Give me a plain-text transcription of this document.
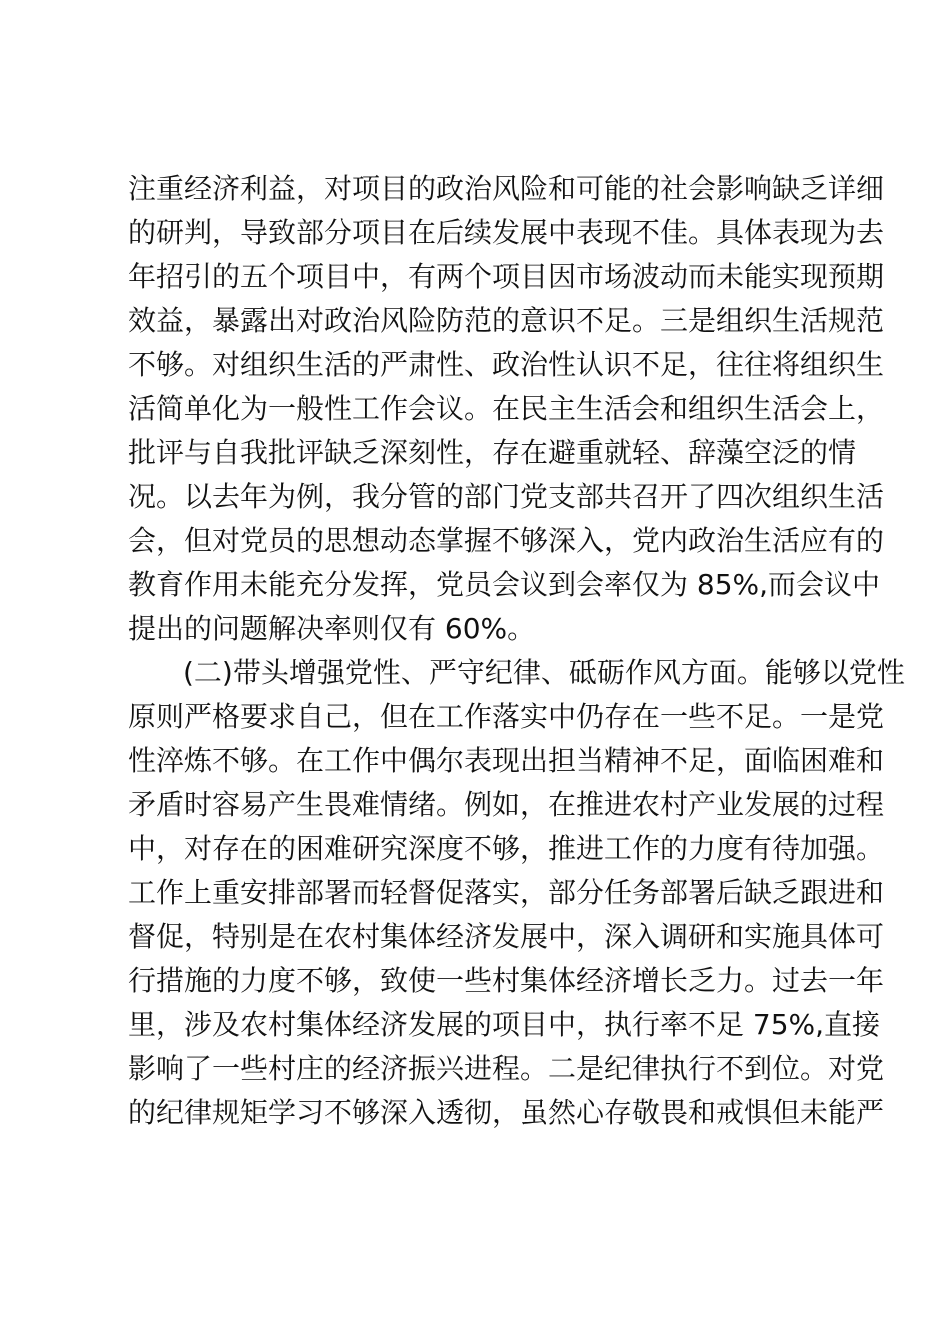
注重经济利益，对项目的政治风险和可能的社会影响缺乏详细
的研判，导致部分项目在后续发展中表现不佳。具体表现为去
年招引的五个项目中，有两个项目因市场波动而未能实现预期
效益，暴露出对政治风险防范的意识不足。三是组织生活规范
不够。对组织生活的严肃性、政治性认识不足，往往将组织生
活简单化为一般性工作会议。在民主生活会和组织生活会上，
批评与自我批评缺乏深刻性，存在避重就轻、辞藻空泛的情
况。以去年为例，我分管的部门党支部共召开了四次组织生活
会，但对党员的思想动态掌握不够深入，党内政治生活应有的
教育作用未能充分发挥，党员会议到会率仅为 85%,而会议中
提出的问题解决率则仅有 60%。
(二)带头增强党性、严守纪律、砥砺作风方面。能够以党性
原则严格要求自己，但在工作落实中仍存在一些不足。一是党
性淬炼不够。在工作中偶尔表现出担当精神不足，面临困难和
矛盾时容易产生畏难情绪。例如，在推进农村产业发展的过程
中，对存在的困难研究深度不够，推进工作的力度有待加强。
工作上重安排部署而轻督促落实，部分任务部署后缺乏跟进和
督促，特别是在农村集体经济发展中，深入调研和实施具体可
行措施的力度不够，致使一些村集体经济增长乏力。过去一年
里，涉及农村集体经济发展的项目中，执行率不足 75%,直接
影响了一些村庄的经济振兴进程。二是纪律执行不到位。对党
的纪律规矩学习不够深入透彻，虽然心存敬畏和戒惧但未能严
